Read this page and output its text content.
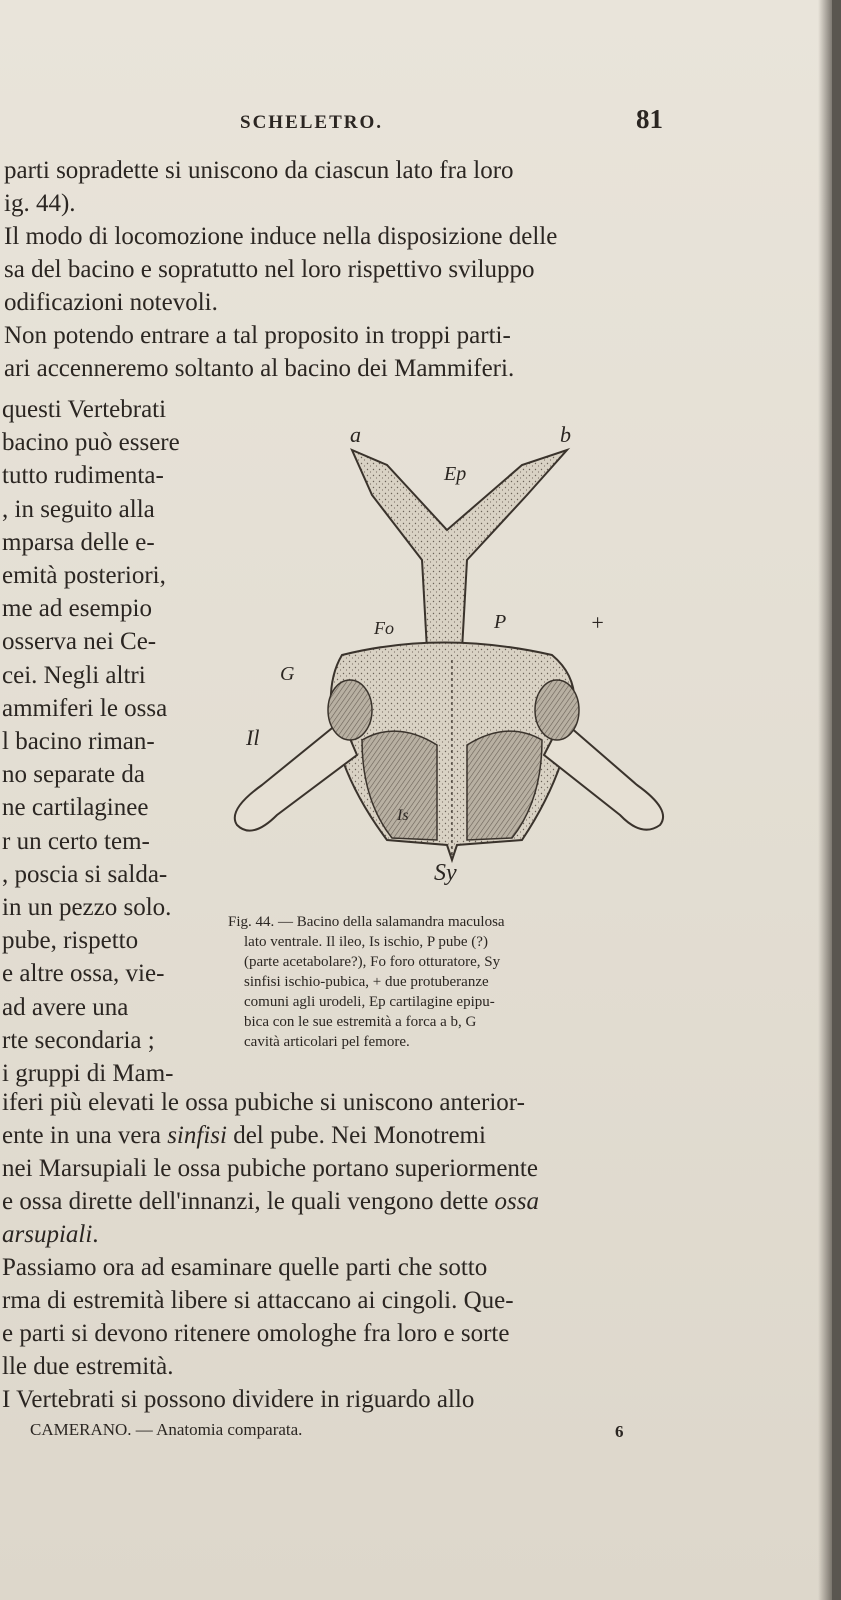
SCHELETRO.	81
parti sopradette si uniscono da ciascun lato fra loro
ig. 44).
Il modo di locomozione induce nella disposizione delle
sa del bacino e sopratutto nel loro rispettivo sviluppo
odificazioni notevoli.
Non potendo entrare a tal proposito in troppi parti-
ari accenneremo soltanto al bacino dei Mammiferi.
questi Vertebrati
bacino può essere
tutto rudimenta-
, in seguito alla
mparsa delle e-
emità posteriori,
me ad esempio
osserva nei Ce-
cei. Negli altri
ammiferi le ossa
l bacino riman-
no separate da
ne cartilaginee
r un certo tem-
, poscia si salda-
in un pezzo solo.
pube, rispetto
e altre ossa, vie-
ad avere una
rte secondaria ;
i gruppi di Mam-
a	b
Ep
Fo	P	+
G
Il
Is
Sy
Fig. 44. — Bacino della salamandra maculosa
lato ventrale. Il ileo, Is ischio, P pube (?)
(parte acetabolare?), Fo foro otturatore, Sy
sinfisi ischio-pubica, + due protuberanze
comuni agli urodeli, Ep cartilagine epipu-
bica con le sue estremità a forca a b, G
cavità articolari pel femore.
iferi più elevati le ossa pubiche si uniscono anterior-
ente in una vera sinfisi del pube. Nei Monotremi
nei Marsupiali le ossa pubiche portano superiormente
e ossa dirette dell'innanzi, le quali vengono dette ossa
arsupiali.
Passiamo ora ad esaminare quelle parti che sotto
rma di estremità libere si attaccano ai cingoli. Que-
e parti si devono ritenere omologhe fra loro e sorte
lle due estremità.
I Vertebrati si possono dividere in riguardo allo
CAMERANO. — Anatomia comparata.	6
